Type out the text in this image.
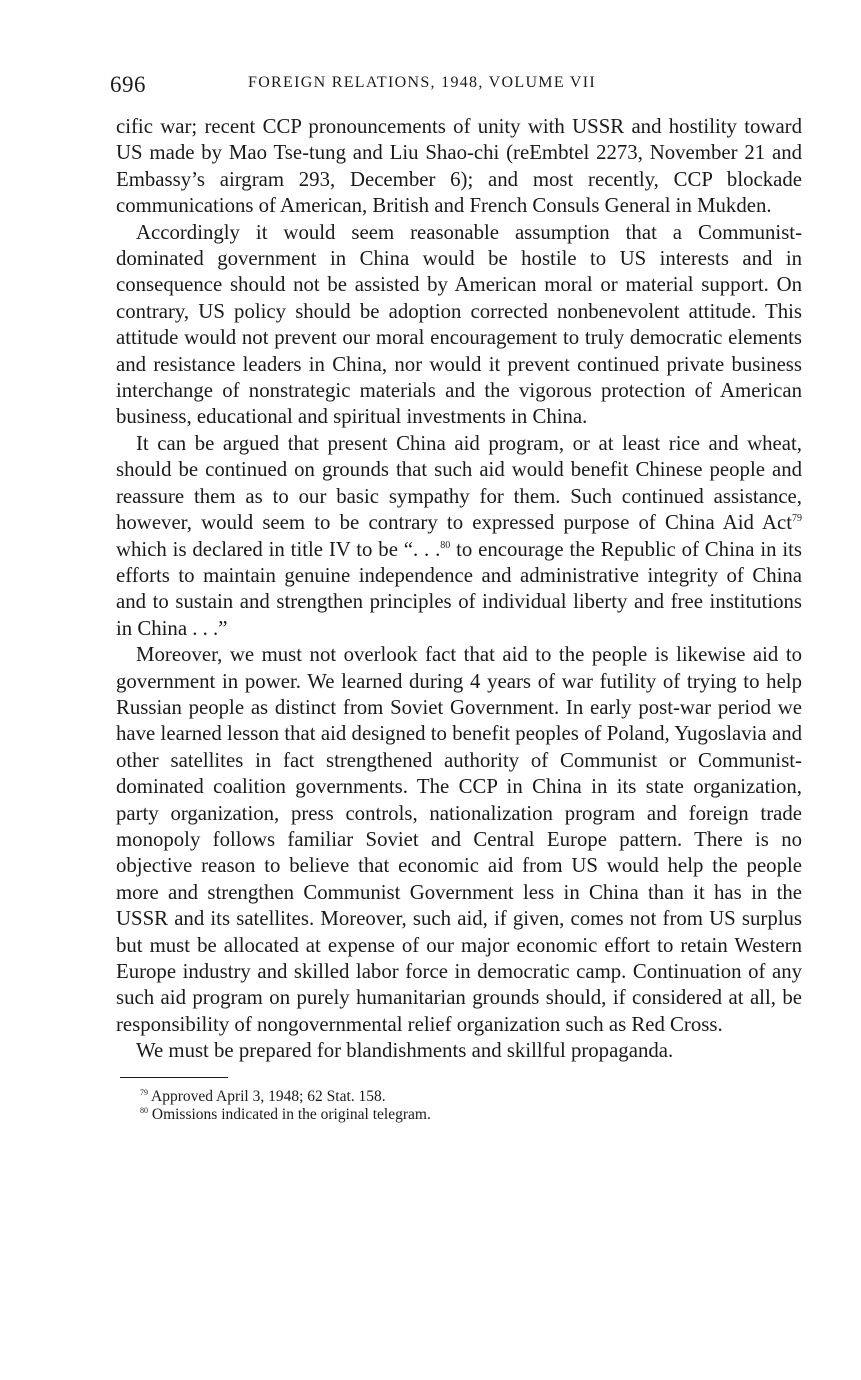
696	FOREIGN RELATIONS, 1948, VOLUME VII

cific war; recent CCP pronouncements of unity with USSR and hostility toward US made by Mao Tse-tung and Liu Shao-chi (reEmbtel 2273, November 21 and Embassy’s airgram 293, December 6); and most recently, CCP blockade communications of American, British and French Consuls General in Mukden.

Accordingly it would seem reasonable assumption that a Communist-dominated government in China would be hostile to US interests and in consequence should not be assisted by American moral or material support. On contrary, US policy should be adoption corrected nonbenevolent attitude. This attitude would not prevent our moral encouragement to truly democratic elements and resistance leaders in China, nor would it prevent continued private business interchange of nonstrategic materials and the vigorous protection of American business, educational and spiritual investments in China.

It can be argued that present China aid program, or at least rice and wheat, should be continued on grounds that such aid would benefit Chinese people and reassure them as to our basic sympathy for them. Such continued assistance, however, would seem to be contrary to expressed purpose of China Aid Act$^{79}$ which is declared in title IV to be “. . .$^{80}$ to encourage the Republic of China in its efforts to maintain genuine independence and administrative integrity of China and to sustain and strengthen principles of individual liberty and free institutions in China . . .”

Moreover, we must not overlook fact that aid to the people is likewise aid to government in power. We learned during 4 years of war futility of trying to help Russian people as distinct from Soviet Government. In early post-war period we have learned lesson that aid designed to benefit peoples of Poland, Yugoslavia and other satellites in fact strengthened authority of Communist or Communist-dominated coalition governments. The CCP in China in its state organization, party organization, press controls, nationalization program and foreign trade monopoly follows familiar Soviet and Central Europe pattern. There is no objective reason to believe that economic aid from US would help the people more and strengthen Communist Government less in China than it has in the USSR and its satellites. Moreover, such aid, if given, comes not from US surplus but must be allocated at expense of our major economic effort to retain Western Europe industry and skilled labor force in democratic camp. Continuation of any such aid program on purely humanitarian grounds should, if considered at all, be responsibility of nongovernmental relief organization such as Red Cross.

We must be prepared for blandishments and skillful propaganda.

$^{79}$ Approved April 3, 1948; 62 Stat. 158.
$^{80}$ Omissions indicated in the original telegram.
